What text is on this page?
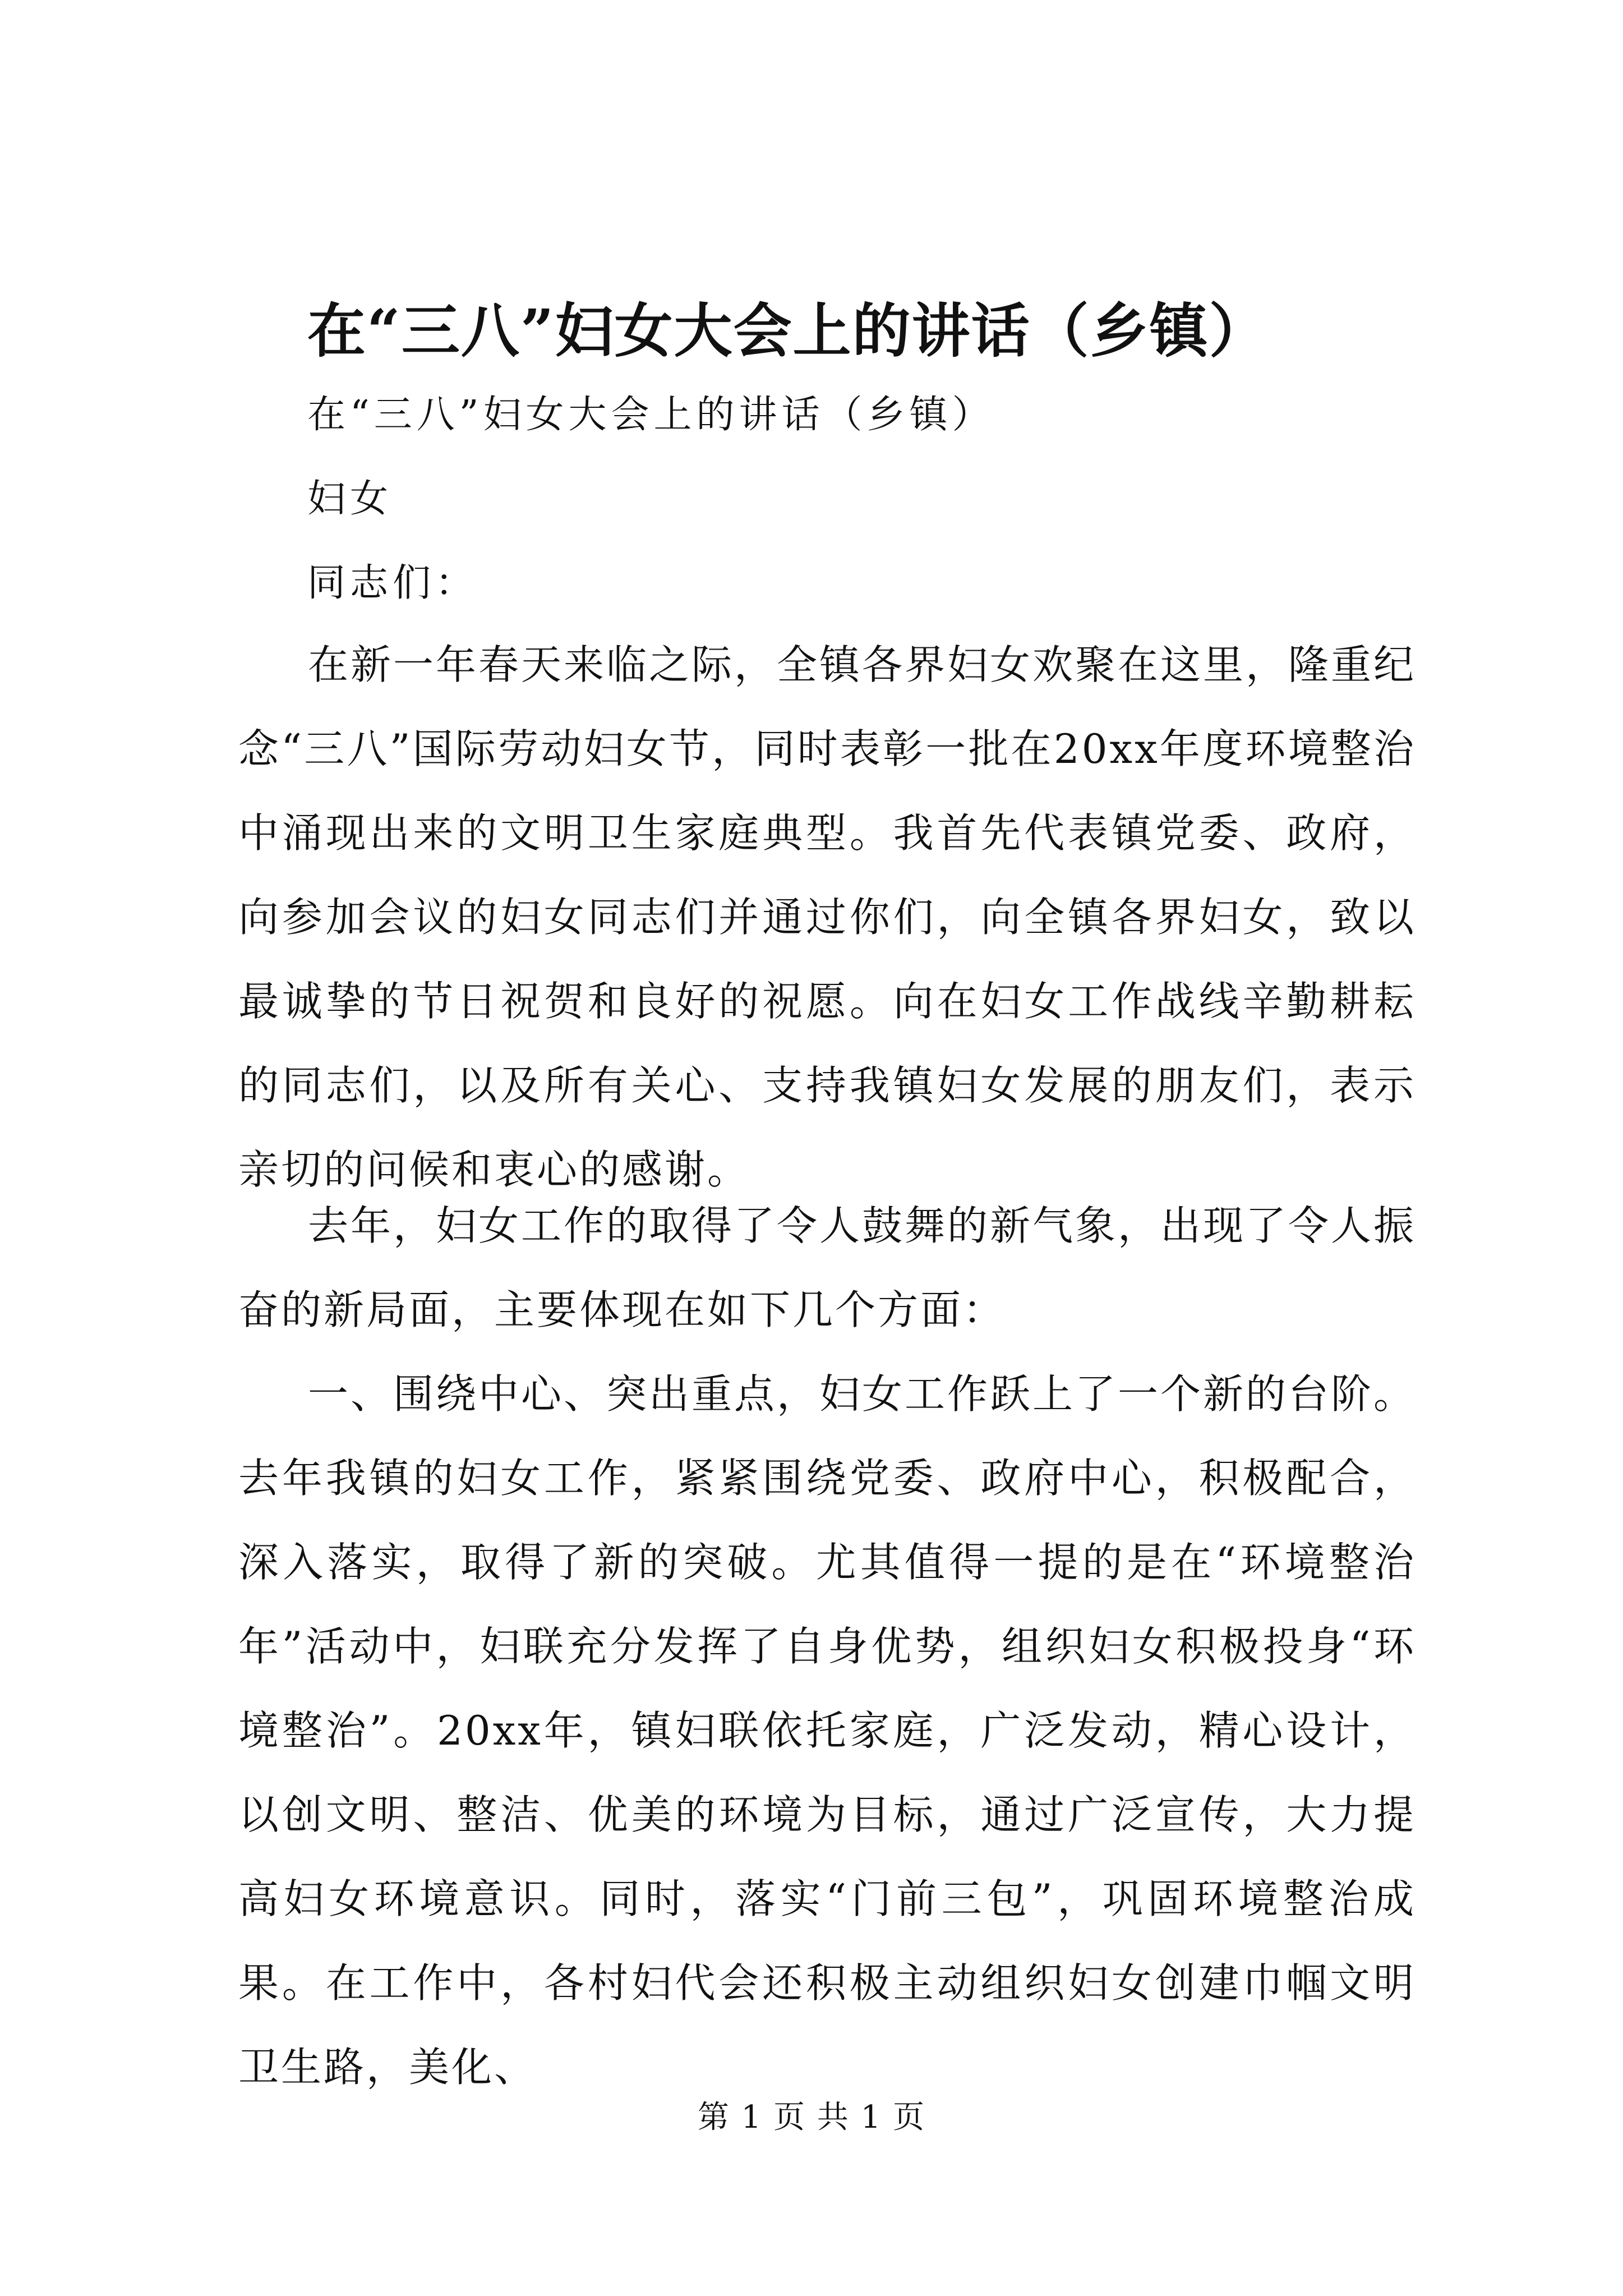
在“三八”妇女大会上的讲话（乡镇）
在“三八”妇女大会上的讲话（乡镇）
妇女
同志们：
在新一年春天来临之际，全镇各界妇女欢聚在这里，隆重纪念“三八”国际劳动妇女节，同时表彰一批在20xx年度环境整治中涌现出来的文明卫生家庭典型。我首先代表镇党委、政府，向参加会议的妇女同志们并通过你们，向全镇各界妇女，致以最诚挚的节日祝贺和良好的祝愿。向在妇女工作战线辛勤耕耘的同志们，以及所有关心、支持我镇妇女发展的朋友们，表示亲切的问候和衷心的感谢。
去年，妇女工作的取得了令人鼓舞的新气象，出现了令人振奋的新局面，主要体现在如下几个方面：
一、围绕中心、突出重点，妇女工作跃上了一个新的台阶。去年我镇的妇女工作，紧紧围绕党委、政府中心，积极配合，深入落实，取得了新的突破。尤其值得一提的是在“环境整治年”活动中，妇联充分发挥了自身优势，组织妇女积极投身“环境整治”。20xx年，镇妇联依托家庭，广泛发动，精心设计，以创文明、整洁、优美的环境为目标，通过广泛宣传，大力提高妇女环境意识。同时，落实“门前三包”，巩固环境整治成果。在工作中，各村妇代会还积极主动组织妇女创建巾帼文明卫生路，美化、
第 1 页 共 1 页
